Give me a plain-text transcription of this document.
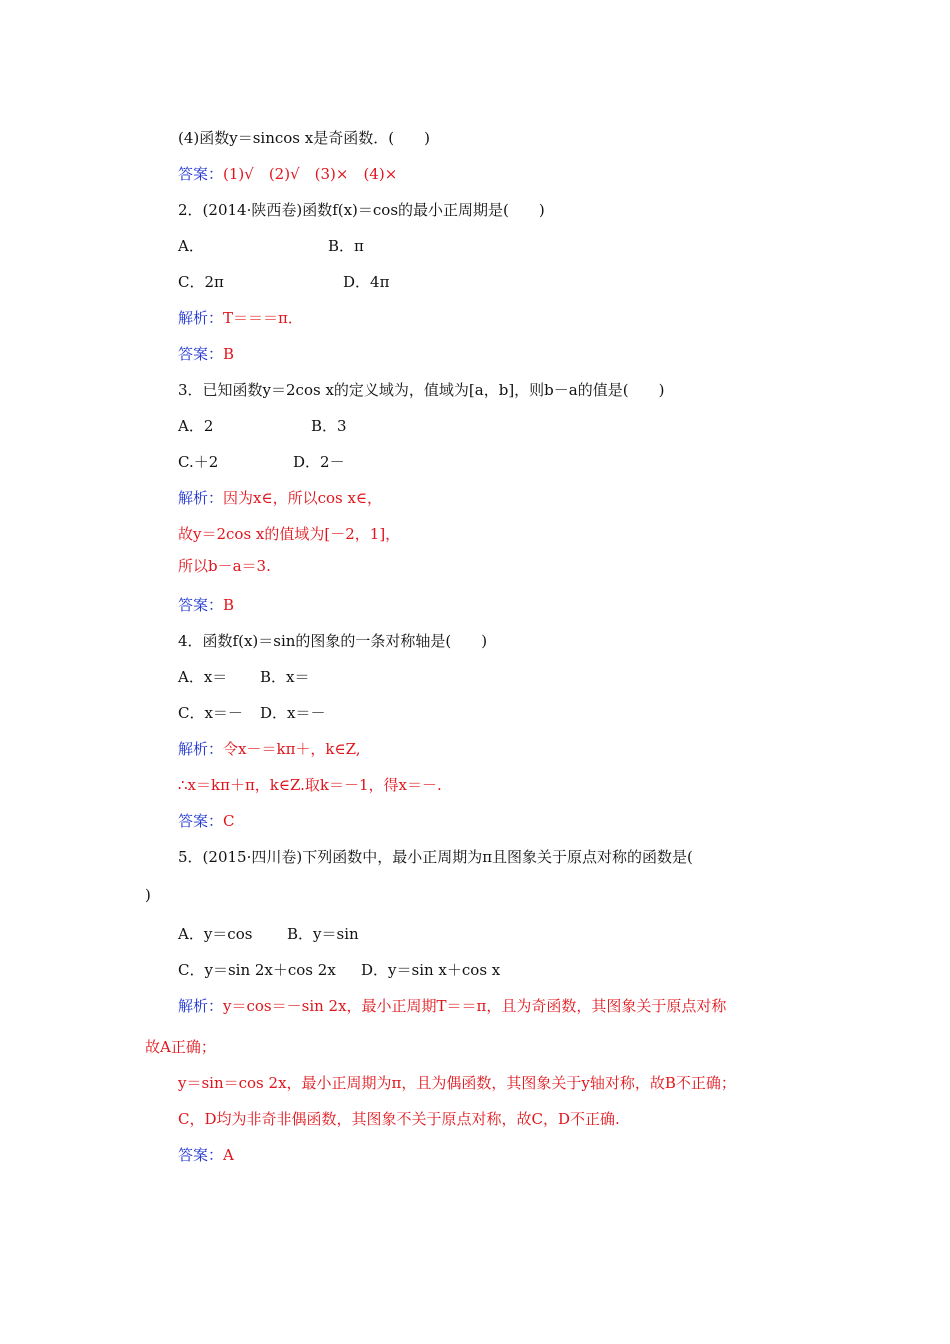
(4)函数y＝sincos x是奇函数．(　　)
答案：(1)√　(2)√　(3)×　(4)×
2．(2014·陕西卷)函数f(x)＝cos的最小正周期是(　　)
A．	B．π
C．2π	D．4π
解析：T＝＝＝π．
答案：B
3．已知函数y＝2cos x的定义域为，值域为[a，b]，则b－a的值是(　　)
A．2	B．3
C.＋2	D．2－
解析：因为x∈，所以cos x∈，
故y＝2cos x的值域为[－2，1]，
所以b－a＝3.
答案：B
4．函数f(x)＝sin的图象的一条对称轴是(　　)
A．x＝ B．x＝
C．x＝－ D．x＝－
解析：令x－＝kπ＋，k∈Z,
∴x＝kπ＋π，k∈Z.取k＝－1，得x＝－.
答案：C
5．(2015·四川卷)下列函数中，最小正周期为π且图象关于原点对称的函数是(
)
A．y＝cos B．y＝sin
C．y＝sin 2x＋cos 2x D．y＝sin x＋cos x
解析：y＝cos＝－sin 2x，最小正周期T＝＝π，且为奇函数，其图象关于原点对称
故A正确；
y＝sin＝cos 2x，最小正周期为π，且为偶函数，其图象关于y轴对称，故B不正确；
C，D均为非奇非偶函数，其图象不关于原点对称，故C，D不正确.
答案：A
